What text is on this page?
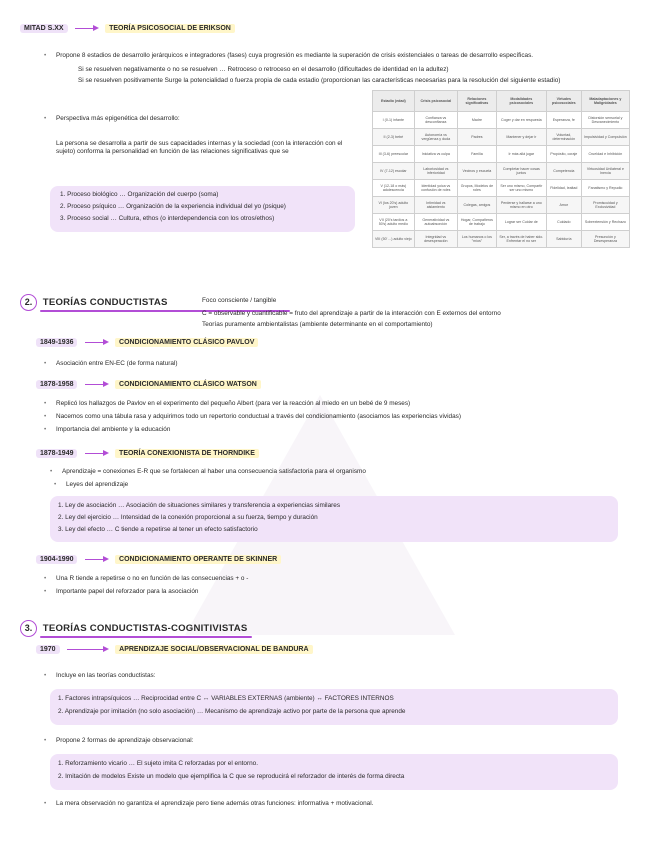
MITAD S.XX	TEORÍA PSICOSOCIAL DE ERIKSON
• Propone 8 estadios de desarrollo jerárquicos e integradores (fases) cuya progresión es mediante la superación de crisis existenciales o tareas de desarrollo específicas.
Si se resuelven negativamente o no se resuelven … Retroceso o retroceso en el desarrollo (dificultades de identidad en la adultez)
Si se resuelven positivamente Surge la potencialidad o fuerza propia de cada estadio (proporcionan las características necesarias para la resolución del siguiente estadio)
• Perspectiva más epigenética del desarrollo:
La persona se desarrolla a partir de sus capacidades internas y la sociedad (con la interacción con el sujeto) conforma la personalidad en función de las relaciones significativas que se
1. Proceso biológico … Organización del cuerpo (soma)
2. Proceso psíquico … Organización de la experiencia individual del yo (psique)
3. Proceso social … Cultura, ethos (o interdependencia con los otros/ethos)
Estadio (edad)	Crisis psicosocial	Relaciones significativas	Modalidades psicosociales	Virtudes psicosociales	Maladaptaciones y Malignidades
I (0-1) infante	Confianza vs desconfianza	Madre	Coger y dar en respuesta	Esperanza, fe	Distorsión sensorial y Desvanecimiento
II (2-3) bebé	Autonomía vs vergüenza y duda	Padres	Mantener y dejar ir	Voluntad, determinación	Impulsividad y Compulsión
III (3-6) preescolar	Iniciativa vs culpa	Familia	Ir más allá jugar	Propósito, coraje	Crueldad e Inhibición
IV (7-12) escolar	Laboriosidad vs inferioridad	Vecinos y escuela	Completar hacer cosas juntos	Competencia	Virtuosidad Unilateral e Inercia
V (12-18 o más) adolescencia	Identidad yoica vs confusión de roles	Grupos, Modelos de roles	Ser uno mismo, Compartir ser uno mismo	Fidelidad, lealtad	Fanatismo y Repudio
VI (los 20's) adulto joven	Intimidad vs aislamiento	Colegas, amigos	Perderse y hallarse a uno mismo en otro	Amor	Promiscuidad y Exclusividad
VII (20's tardíos a 50's) adulto medio	Generatividad vs autoabsorción	Hogar, Compañeros de trabajo	Lograr ser Cuidar de	Cuidado	Sobrextensión y Rechazo
VIII (50' ...) adulto viejo	Integridad vs desesperación	Los humanos o los "míos"	Ser, a través de haber sido. Enfrentar el no ser	Sabiduría	Presunción y Desesperanza
2. TEORÍAS CONDUCTISTAS	Foco consciente / tangible
C = observable y cuantificable = fruto del aprendizaje a partir de la interacción con E externos del entorno
Teorías puramente ambientalistas (ambiente determinante en el comportamiento)
1849-1936	CONDICIONAMIENTO CLÁSICO PAVLOV
• Asociación entre EN-EC (de forma natural)
1878-1958	CONDICIONAMIENTO CLÁSICO WATSON
• Replicó los hallazgos de Pavlov en el experimento del pequeño Albert (para ver la reacción al miedo en un bebé de 9 meses)
• Nacemos como una tábula rasa y adquirimos todo un repertorio conductual a través del condicionamiento (asociamos las experiencias vividas)
• Importancia del ambiente y la educación
1878-1949	TEORÍA CONEXIONISTA DE THORNDIKE
• Aprendizaje = conexiones E-R que se fortalecen al haber una consecuencia satisfactoria para el organismo
• Leyes del aprendizaje
1. Ley de asociación … Asociación de situaciones similares y transferencia a experiencias similares
2. Ley del ejercicio … Intensidad de la conexión proporcional a su fuerza, tiempo y duración
3. Ley del efecto … C tiende a repetirse al tener un efecto satisfactorio
1904-1990	CONDICIONAMIENTO OPERANTE DE SKINNER
• Una R tiende a repetirse o no en función de las consecuencias + o -
• Importante papel del reforzador para la asociación
3. TEORÍAS CONDUCTISTAS-COGNITIVISTAS
1970	APRENDIZAJE SOCIAL/OBSERVACIONAL DE BANDURA
• Incluye en las teorías conductistas:
1. Factores intrapsíquicos … Reciprocidad entre C ↔ VARIABLES EXTERNAS (ambiente) ↔ FACTORES INTERNOS
2. Aprendizaje por imitación (no solo asociación) … Mecanismo de aprendizaje activo por parte de la persona que aprende
• Propone 2 formas de aprendizaje observacional:
1. Reforzamiento vicario … El sujeto imita C reforzadas por el entorno.
2. Imitación de modelos Existe un modelo que ejemplifica la C que se reproducirá el reforzador de interés de forma directa
• La mera observación no garantiza el aprendizaje pero tiene además otras funciones: informativa + motivacional.
